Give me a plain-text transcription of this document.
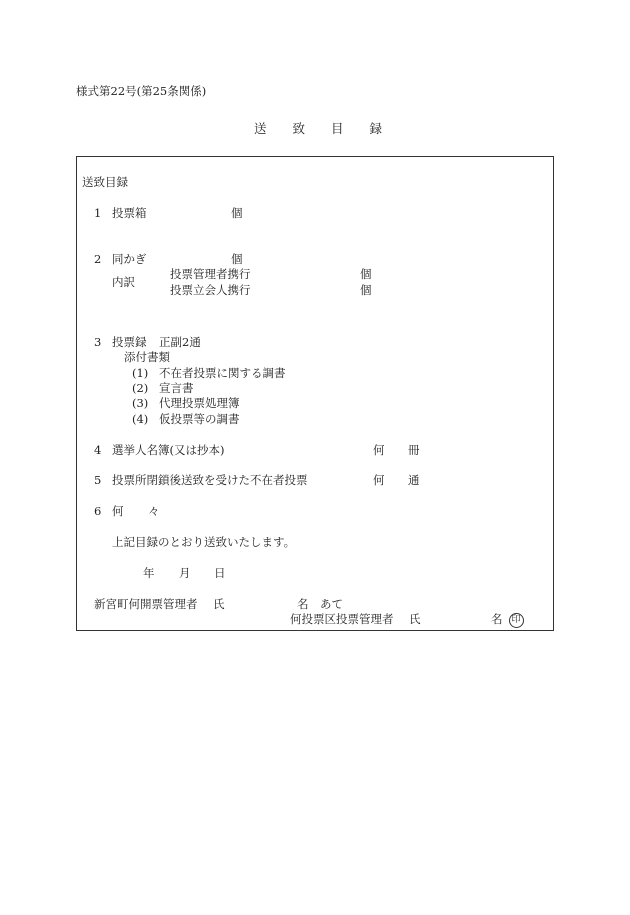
様式第22号(第25条関係)
送 致 目 録
送致目録
1 投票箱	個
2 同かぎ	個
内訳
投票管理者携行	個
投票立会人携行	個
3 投票録 正副2通
添付書類
(1) 不在者投票に関する調書
(2) 宣言書
(3) 代理投票処理簿
(4) 仮投票等の調書
4 選挙人名簿(又は抄本)	何 冊
5 投票所閉鎖後送致を受けた不在者投票	何 通
6 何 々
上記目録のとおり送致いたします。
年 月 日
新宮町何開票管理者 氏	名 あて
何投票区投票管理者 氏	名 印
